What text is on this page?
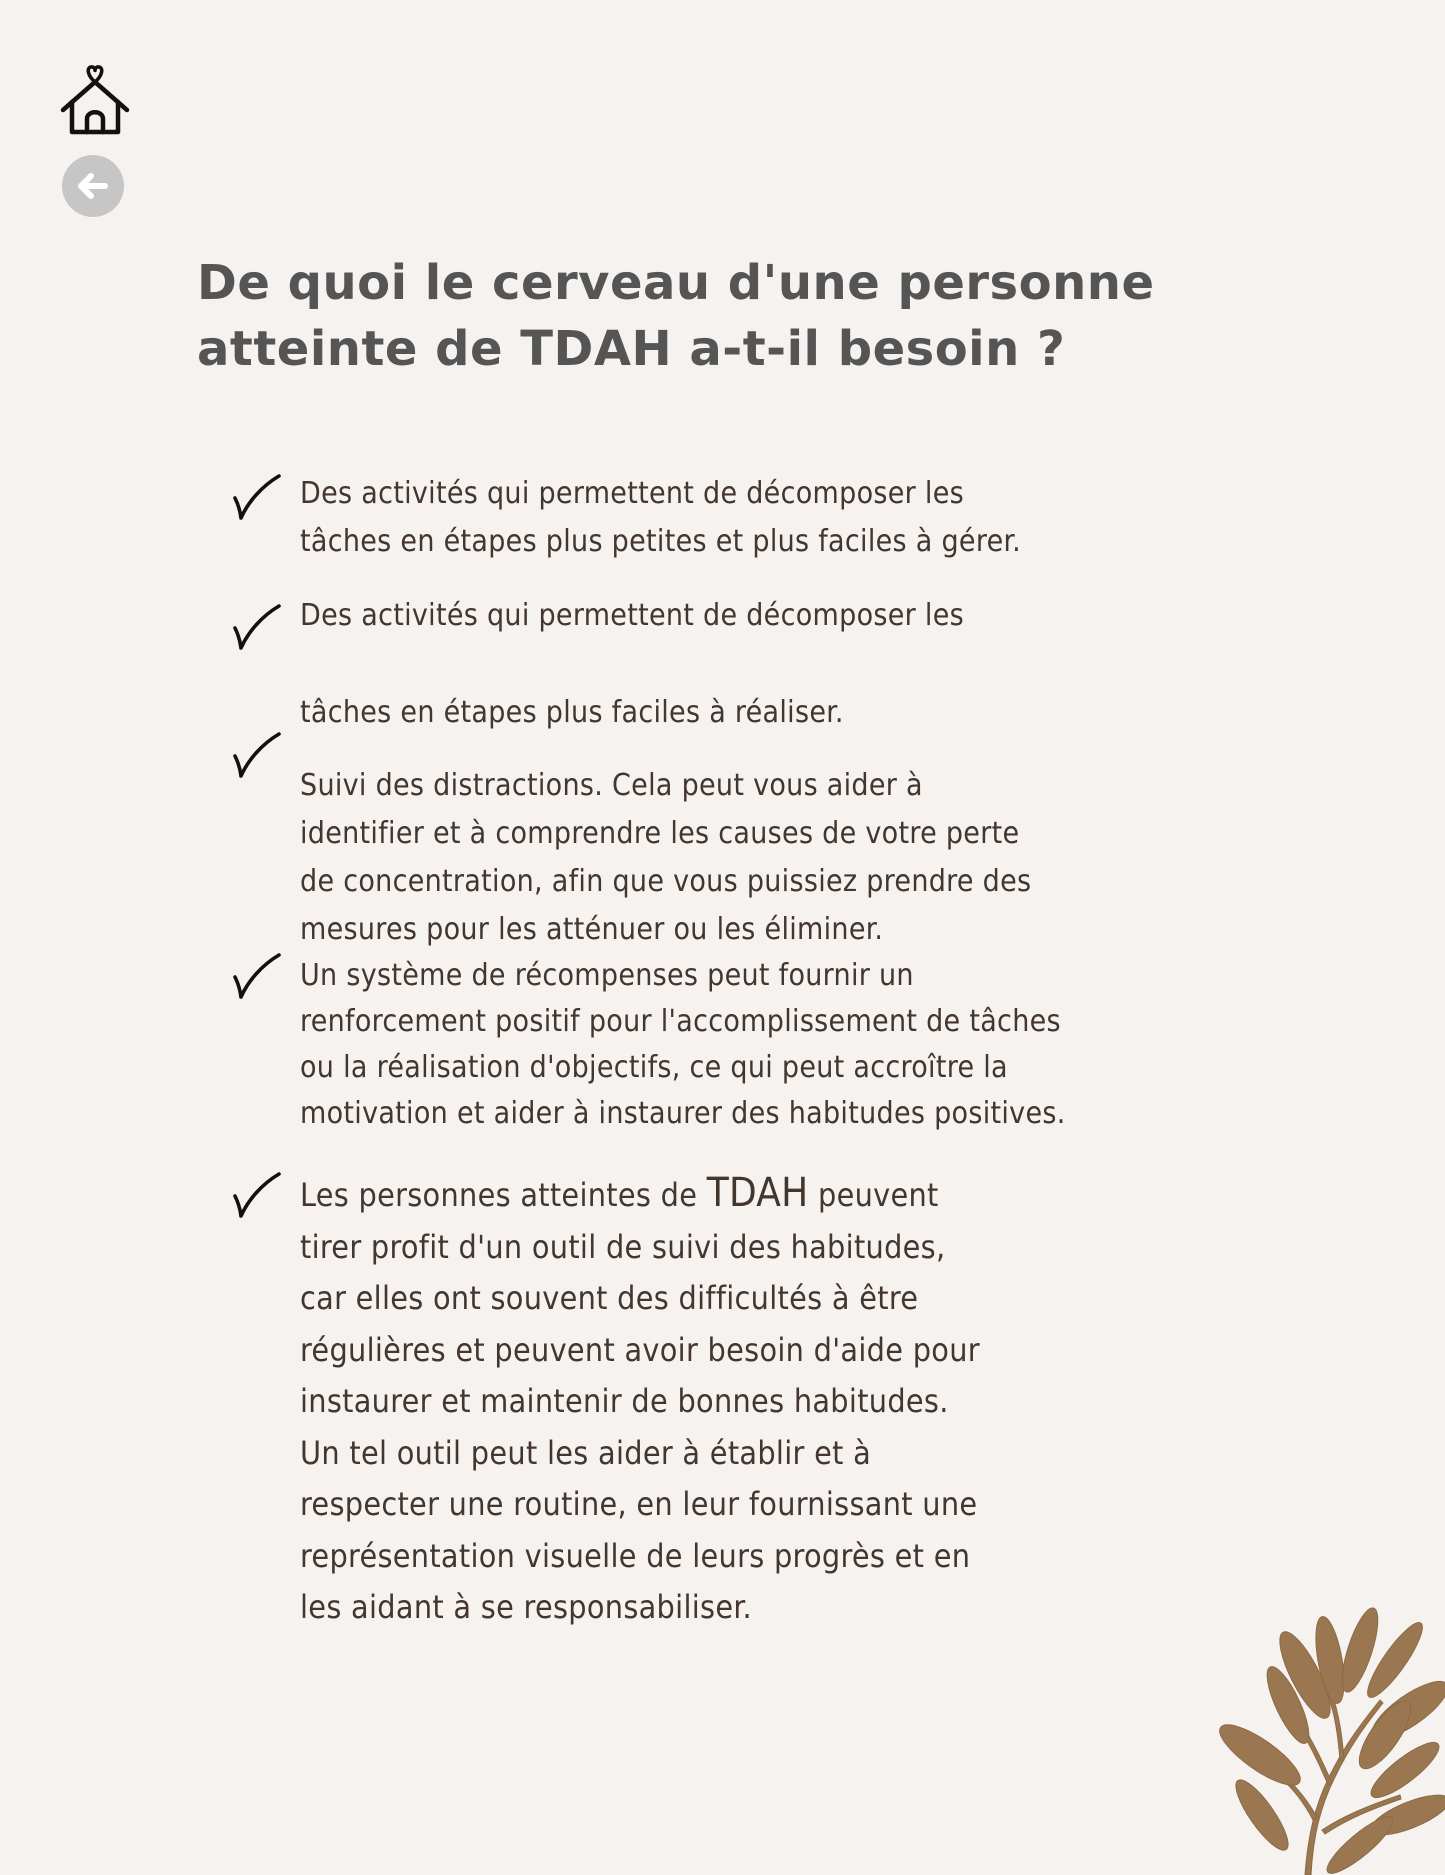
De quoi le cerveau d'une personne
atteinte de TDAH a-t-il besoin ?

Des activités qui permettent de décomposer les
tâches en étapes plus petites et plus faciles à gérer.

Des activités qui permettent de décomposer les

tâches en étapes plus faciles à réaliser.

Suivi des distractions. Cela peut vous aider à
identifier et à comprendre les causes de votre perte
de concentration, afin que vous puissiez prendre des
mesures pour les atténuer ou les éliminer.

Un système de récompenses peut fournir un
renforcement positif pour l'accomplissement de tâches
ou la réalisation d'objectifs, ce qui peut accroître la
motivation et aider à instaurer des habitudes positives.

Les personnes atteintes de TDAH peuvent
tirer profit d'un outil de suivi des habitudes,
car elles ont souvent des difficultés à être
régulières et peuvent avoir besoin d'aide pour
instaurer et maintenir de bonnes habitudes.
Un tel outil peut les aider à établir et à
respecter une routine, en leur fournissant une
représentation visuelle de leurs progrès et en
les aidant à se responsabiliser.
